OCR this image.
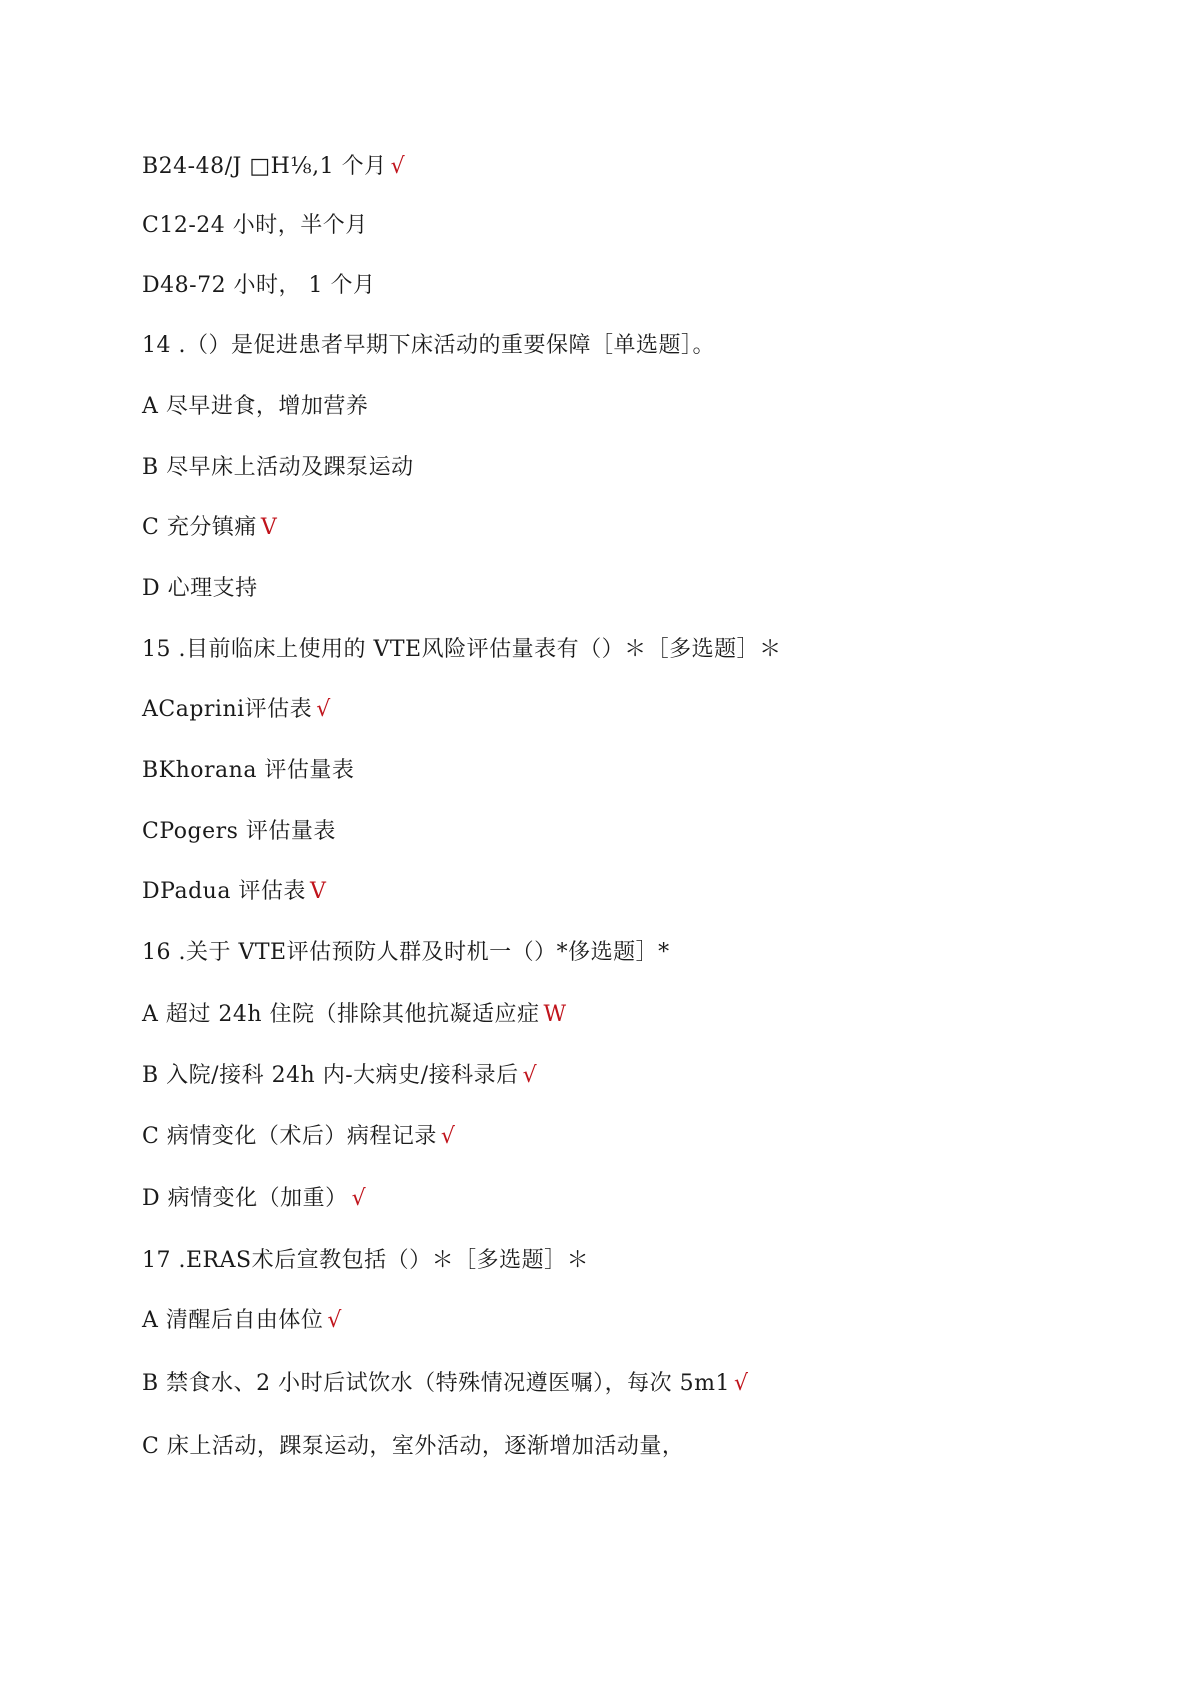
B24-48/J □H⅛,1 个月 √
C12-24 小时，半个月
D48-72 小时， 1 个月
14 .（）是促进患者早期下床活动的重要保障［单选题］。
A 尽早进食，增加营养
B 尽早床上活动及踝泵运动
C 充分镇痛 V
D 心理支持
15 .目前临床上使用的 VTE风险评估量表有（）＊［多选题］＊
ACaprini评估表 √
BKhorana 评估量表
CPogers 评估量表
DPadua 评估表 V
16 .关于 VTE评估预防人群及时机一（）*侈选题］*
A 超过 24h 住院（排除其他抗凝适应症 W
B 入院/接科 24h 内-大病史/接科录后 √
C 病情变化（术后）病程记录 √
D 病情变化（加重） √
17 .ERAS术后宣教包括（）＊［多选题］＊
A 清醒后自由体位 √
B 禁食水、2 小时后试饮水（特殊情况遵医嘱），每次 5m1 √
C 床上活动，踝泵运动，室外活动，逐渐增加活动量，
